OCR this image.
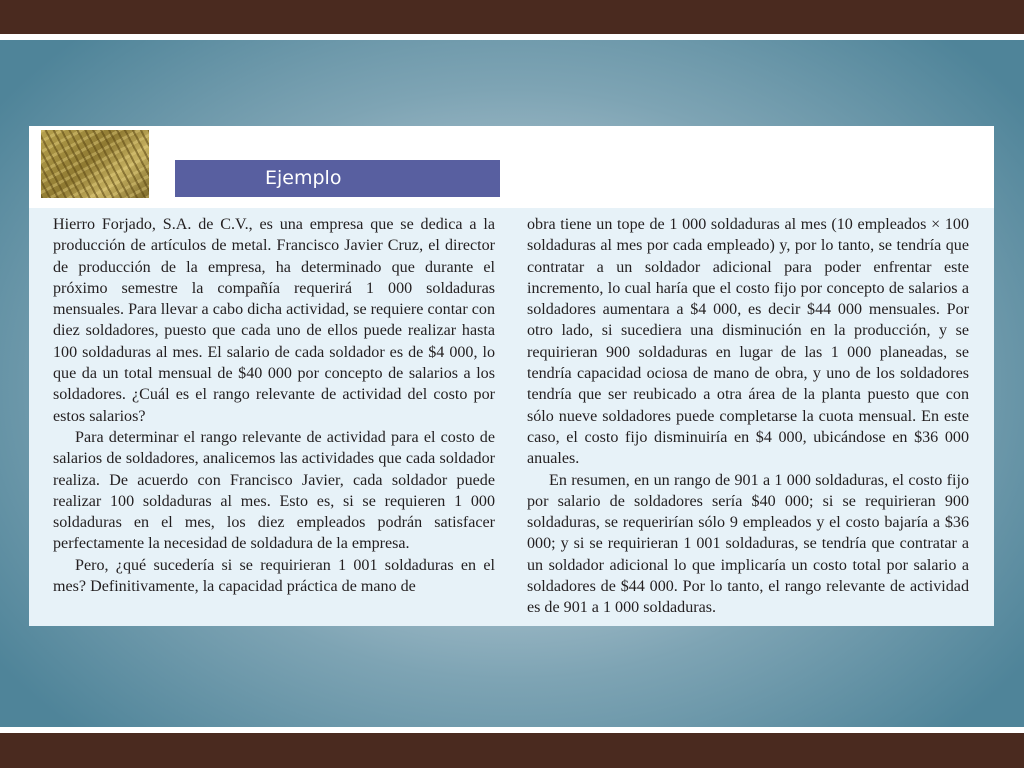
Ejemplo

Hierro Forjado, S.A. de C.V., es una empresa que se dedica a la producción de artículos de metal. Francisco Javier Cruz, el director de producción de la empresa, ha determinado que durante el próximo semestre la compañía requerirá 1 000 soldaduras mensuales. Para llevar a cabo dicha actividad, se requiere contar con diez soldadores, puesto que cada uno de ellos puede realizar hasta 100 soldaduras al mes. El salario de cada soldador es de $4 000, lo que da un total mensual de $40 000 por concepto de salarios a los soldadores. ¿Cuál es el rango relevante de actividad del costo por estos salarios?

Para determinar el rango relevante de actividad para el costo de salarios de soldadores, analicemos las actividades que cada soldador realiza. De acuerdo con Francisco Javier, cada soldador puede realizar 100 soldaduras al mes. Esto es, si se requieren 1 000 soldaduras en el mes, los diez empleados podrán satisfacer perfectamente la necesidad de soldadura de la empresa.

Pero, ¿qué sucedería si se requirieran 1 001 soldaduras en el mes? Definitivamente, la capacidad práctica de mano de

obra tiene un tope de 1 000 soldaduras al mes (10 empleados × 100 soldaduras al mes por cada empleado) y, por lo tanto, se tendría que contratar a un soldador adicional para poder enfrentar este incremento, lo cual haría que el costo fijo por concepto de salarios a soldadores aumentara a $4 000, es decir $44 000 mensuales. Por otro lado, si sucediera una disminución en la producción, y se requirieran 900 soldaduras en lugar de las 1 000 planeadas, se tendría capacidad ociosa de mano de obra, y uno de los soldadores tendría que ser reubicado a otra área de la planta puesto que con sólo nueve soldadores puede completarse la cuota mensual. En este caso, el costo fijo disminuiría en $4 000, ubicándose en $36 000 anuales.

En resumen, en un rango de 901 a 1 000 soldaduras, el costo fijo por salario de soldadores sería $40 000; si se requirieran 900 soldaduras, se requerirían sólo 9 empleados y el costo bajaría a $36 000; y si se requirieran 1 001 soldaduras, se tendría que contratar a un soldador adicional lo que implicaría un costo total por salario a soldadores de $44 000. Por lo tanto, el rango relevante de actividad es de 901 a 1 000 soldaduras.
